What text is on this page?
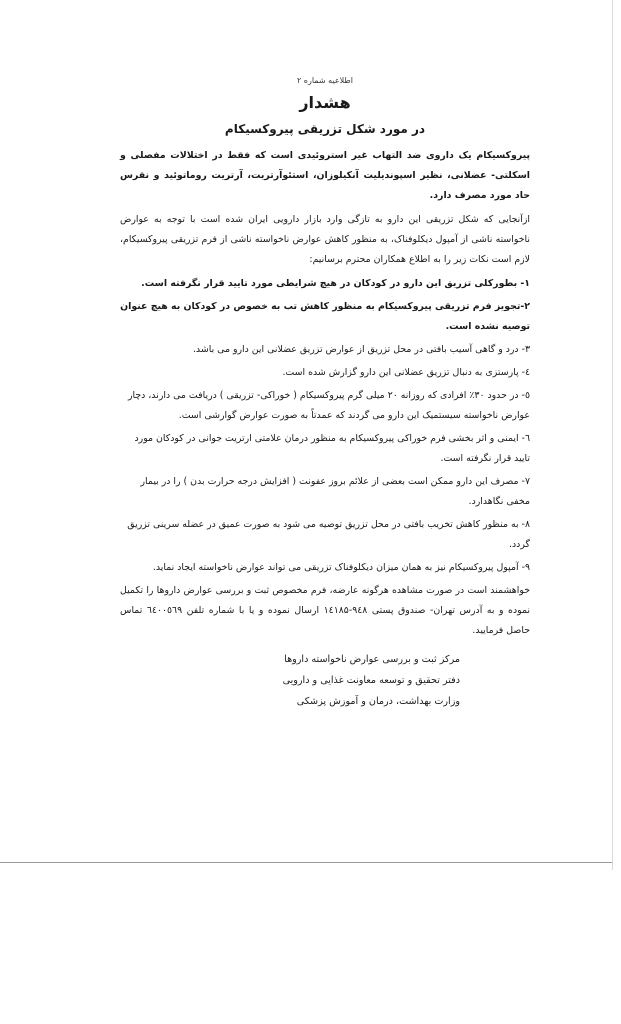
اطلاعیه شماره ۲
هشدار
در مورد شکل تزریقی پیروکسیکام

پیروکسیکام یک داروی ضد التهاب غیر استروئیدی است که فقط در اختلالات مفصلی و اسکلتی- عضلانی، نظیر اسپوندیلیت آنکیلوزان، استئوآرتریت، آرتریت روماتوئید و نقرس حاد مورد مصرف دارد.

ازآنجایی که شکل تزریقی این دارو به تازگی وارد بازار دارویی ایران شده است با توجه به عوارض ناخواسته ناشی از آمپول دیکلوفناک، به منظور کاهش عوارض ناخواسته ناشی از فرم تزریقی پیروکسیکام، لازم است نکات زیر را به اطلاع همکاران محترم برسانیم:

۱- بطورکلی تزریق این دارو در کودکان در هیچ شرایطی مورد تایید قرار نگرفته است.
۲-تجویز فرم تزریقی پیروکسیکام به منظور کاهش تب به خصوص در کودکان به هیچ عنوان توصیه نشده است.
۳- درد و گاهی آسیب بافتی در محل تزریق از عوارض تزریق عضلانی این دارو می باشد.
٤- پارستزی به دنبال تزریق عضلانی این دارو گزارش شده است.
٥- در حدود ۳۰٪ افرادی که روزانه ۲۰ میلی گرم پیروکسیکام ( خوراکی- تزریقی ) دریافت می دارند، دچار عوارض ناخواسته سیستمیک این دارو می گردند که عمدتاً به صورت عوارض گوارشی است.
٦- ایمنی و اثر بخشی فرم خوراکی پیروکسیکام به منظور درمان علامتی ارتریت جوانی در کودکان مورد تایید قرار نگرفته است.
۷- مصرف این دارو ممکن است بعضی از علائم بروز عفونت ( افزایش درجه حرارت بدن ) را در بیمار مخفی نگاهدارد.
۸- به منظور کاهش تخریب بافتی در محل تزریق توصیه می شود به صورت عمیق در عضله سرینی تزریق گردد.
۹- آمپول پیروکسیکام نیز به همان میزان دیکلوفناک تزریقی می تواند عوارض ناخواسته ایجاد نماید.

خواهشمند است در صورت مشاهده هرگونه عارضه، فرم مخصوص ثبت و بررسی عوارض داروها را تکمیل نموده و به آدرس تهران- صندوق پستی ۹٤۸-۱٤۱۸۵ ارسال نموده و یا با شماره تلفن ٦٤۰۰٥٦۹ تماس حاصل فرمایید.

مرکز ثبت و بررسی عوارض ناخواسته داروها
دفتر تحقیق و توسعه معاونت غذایی و دارویی
وزارت بهداشت، درمان و آموزش پزشکی
